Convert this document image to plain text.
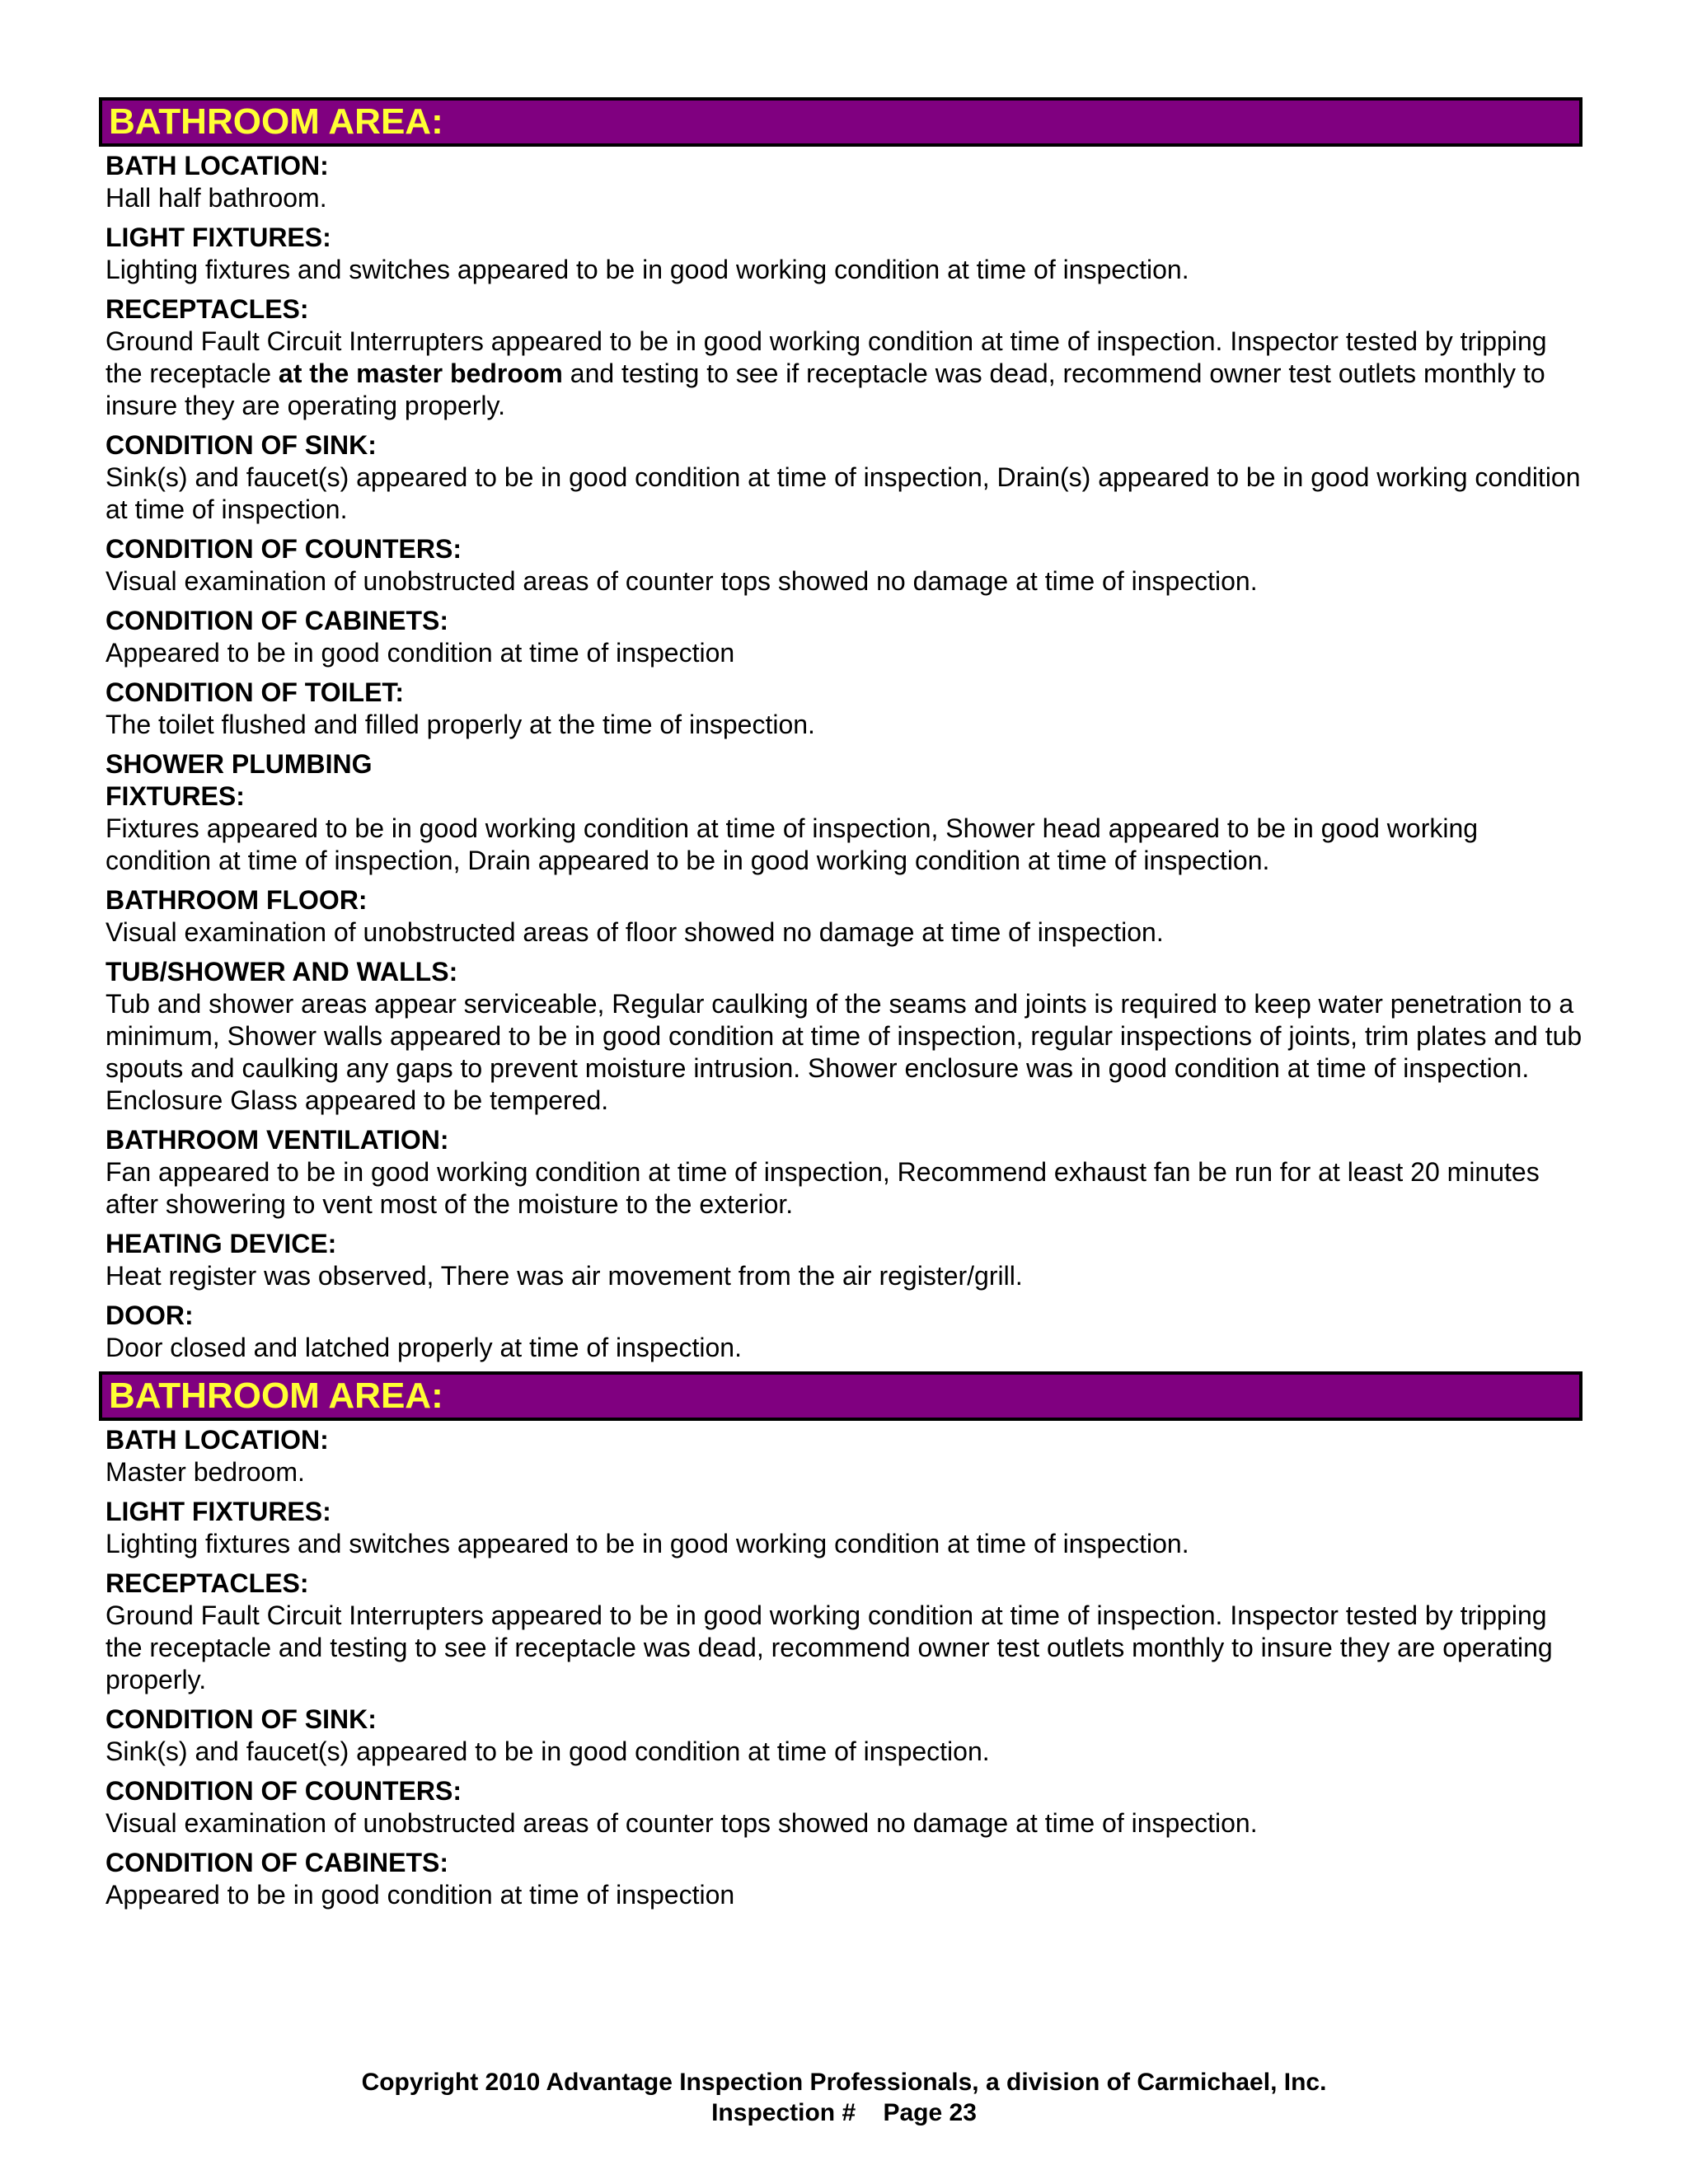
BATHROOM AREA:
BATH LOCATION:
Hall half bathroom.
LIGHT FIXTURES:
Lighting fixtures and switches appeared to be in good working condition at time of inspection.
RECEPTACLES:
Ground Fault Circuit Interrupters appeared to be in good working condition at time of inspection. Inspector tested by tripping the receptacle at the master bedroom and testing to see if receptacle was dead, recommend owner test outlets monthly to insure they are operating properly.
CONDITION OF SINK:
Sink(s) and faucet(s) appeared to be in good condition at time of inspection, Drain(s) appeared to be in good working condition at time of inspection.
CONDITION OF COUNTERS:
Visual examination of unobstructed areas of counter tops showed no damage at time of inspection.
CONDITION OF CABINETS:
Appeared to be in good condition at time of inspection
CONDITION OF TOILET:
The toilet flushed and filled properly at the time of inspection.
SHOWER PLUMBING
FIXTURES:
Fixtures appeared to be in good working condition at time of inspection, Shower head appeared to be in good working condition at time of inspection, Drain appeared to be in good working condition at time of inspection.
BATHROOM FLOOR:
Visual examination of unobstructed areas of floor showed no damage at time of inspection.
TUB/SHOWER AND WALLS:
Tub and shower areas appear serviceable, Regular caulking of the seams and joints is required to keep water penetration to a minimum, Shower walls appeared to be in good condition at time of inspection, regular inspections of joints, trim plates and tub spouts and caulking any gaps to prevent moisture intrusion. Shower enclosure was in good condition at time of inspection. Enclosure Glass appeared to be tempered.
BATHROOM VENTILATION:
Fan appeared to be in good working condition at time of inspection, Recommend exhaust fan be run for at least 20 minutes after showering to vent most of the moisture to the exterior.
HEATING DEVICE:
Heat register was observed, There was air movement from the air register/grill.
DOOR:
Door closed and latched properly at time of inspection.
BATHROOM AREA:
BATH LOCATION:
Master bedroom.
LIGHT FIXTURES:
Lighting fixtures and switches appeared to be in good working condition at time of inspection.
RECEPTACLES:
Ground Fault Circuit Interrupters appeared to be in good working condition at time of inspection. Inspector tested by tripping the receptacle and testing to see if receptacle was dead, recommend owner test outlets monthly to insure they are operating properly.
CONDITION OF SINK:
Sink(s) and faucet(s) appeared to be in good condition at time of inspection.
CONDITION OF COUNTERS:
Visual examination of unobstructed areas of counter tops showed no damage at time of inspection.
CONDITION OF CABINETS:
Appeared to be in good condition at time of inspection
Copyright 2010 Advantage Inspection Professionals, a division of Carmichael, Inc.
Inspection # Page 23
